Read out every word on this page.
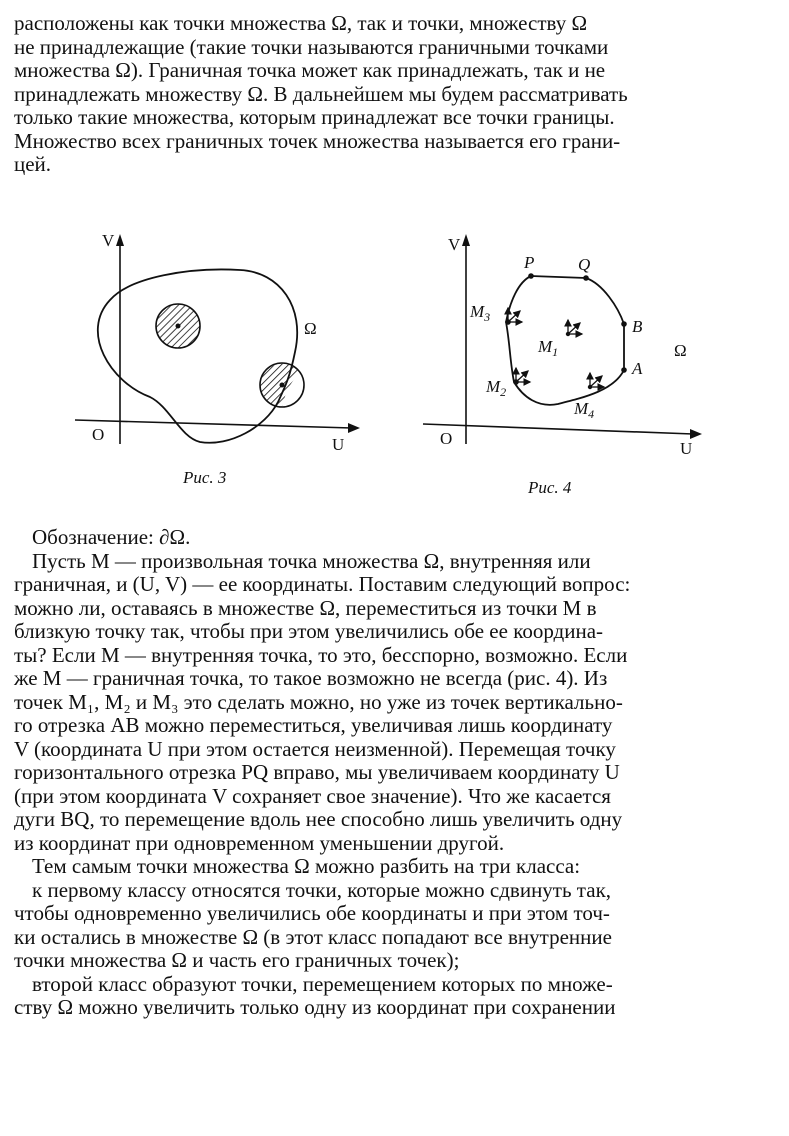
расположены как точки множества Ω, так и точки, множеству Ω
не принадлежащие (такие точки называются граничными точками
множества Ω). Граничная точка может как принадлежать, так и не
принадлежать множеству Ω. В дальнейшем мы будем рассматривать
только такие множества, которым принадлежат все точки границы.
Множество всех граничных точек множества называется его грани-
цей.
V
U
O
Ω
Рис. 3
V
U
O
Ω
P	Q
B
A
$M_3$
$M_2$
$M_1$
$M_4$
Рис. 4
Обозначение: ∂Ω.
Пусть M — произвольная точка множества Ω, внутренняя или
граничная, и (U, V) — ее координаты. Поставим следующий вопрос:
можно ли, оставаясь в множестве Ω, переместиться из точки M в
близкую точку так, чтобы при этом увеличились обе ее координа-
ты? Если M — внутренняя точка, то это, бесспорно, возможно. Если
же M — граничная точка, то такое возможно не всегда (рис. 4). Из
точек M₁, M₂ и M₃ это сделать можно, но уже из точек вертикально-
го отрезка AB можно переместиться, увеличивая лишь координату
V (координата U при этом остается неизменной). Перемещая точку
горизонтального отрезка PQ вправо, мы увеличиваем координату U
(при этом координата V сохраняет свое значение). Что же касается
дуги BQ, то перемещение вдоль нее способно лишь увеличить одну
из координат при одновременном уменьшении другой.
Тем самым точки множества Ω можно разбить на три класса:
к первому классу относятся точки, которые можно сдвинуть так,
чтобы одновременно увеличились обе координаты и при этом точ-
ки остались в множестве Ω (в этот класс попадают все внутренние
точки множества Ω и часть его граничных точек);
второй класс образуют точки, перемещением которых по множе-
ству Ω можно увеличить только одну из координат при сохранении
